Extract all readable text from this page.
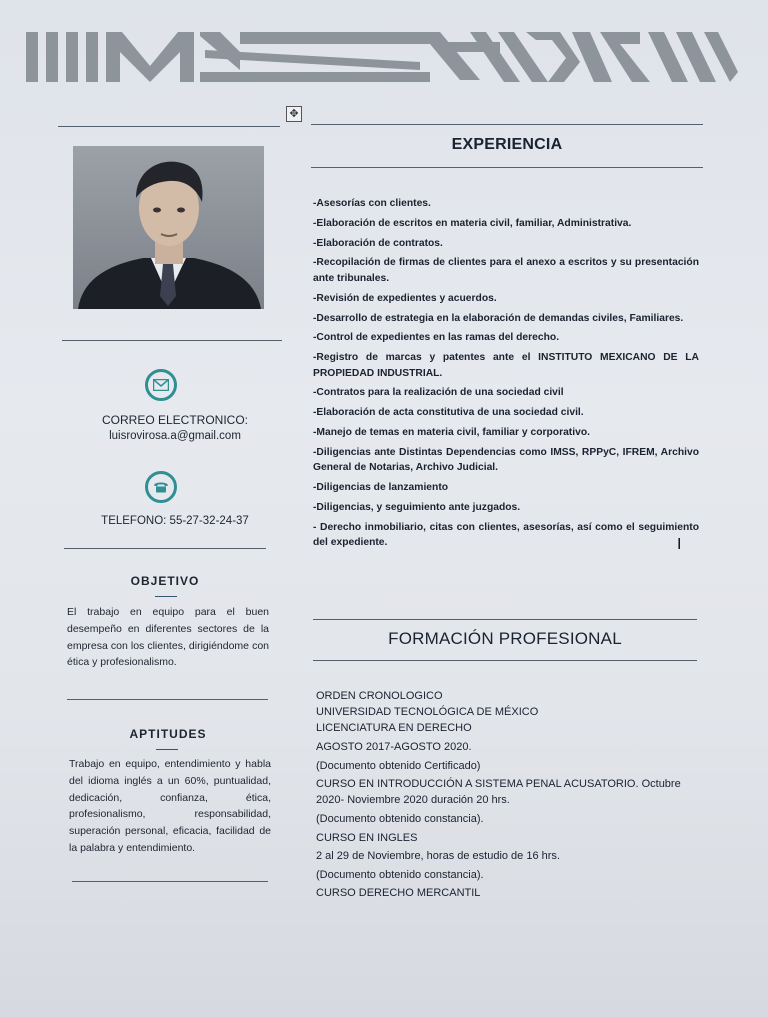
✥
CORREO ELECTRONICO:
luisrovirosa.a@gmail.com
TELEFONO: 55-27-32-24-37
OBJETIVO
El trabajo en equipo para el buen desempeño en diferentes sectores de la empresa con los clientes, dirigiéndome con ética y profesionalismo.
APTITUDES
Trabajo en equipo, entendimiento y habla del idioma inglés a un 60%, puntualidad, dedicación, confianza, ética, profesionalismo, responsabilidad, superación personal, eficacia, facilidad de la palabra y entendimiento.
EXPERIENCIA
-Asesorías con clientes.
-Elaboración de escritos en materia civil, familiar, Administrativa.
-Elaboración de contratos.
-Recopilación de firmas de clientes para el anexo a escritos y su presentación ante tribunales.
-Revisión de expedientes y acuerdos.
-Desarrollo de estrategia en la elaboración de demandas civiles, Familiares.
-Control de expedientes en las ramas del derecho.
-Registro de marcas y patentes ante el INSTITUTO MEXICANO DE LA PROPIEDAD INDUSTRIAL.
-Contratos para la realización de una sociedad civil
-Elaboración de acta constitutiva de una sociedad civil.
-Manejo de temas en materia civil, familiar y corporativo.
-Diligencias ante Distintas Dependencias como IMSS, RPPyC, IFREM, Archivo General de Notarias, Archivo Judicial.
-Diligencias de lanzamiento
-Diligencias, y seguimiento ante juzgados.
- Derecho inmobiliario, citas con clientes, asesorías, así como el seguimiento del expediente.	I
FORMACIÓN PROFESIONAL
ORDEN CRONOLOGICO
UNIVERSIDAD TECNOLÓGICA DE MÉXICO
LICENCIATURA EN DERECHO
AGOSTO 2017-AGOSTO 2020.
(Documento obtenido Certificado)
CURSO EN INTRODUCCIÓN A SISTEMA PENAL ACUSATORIO. Octubre 2020- Noviembre 2020 duración 20 hrs.
(Documento obtenido constancia).
CURSO EN INGLES
2 al 29 de Noviembre, horas de estudio de 16 hrs.
(Documento obtenido constancia).
CURSO DERECHO MERCANTIL
